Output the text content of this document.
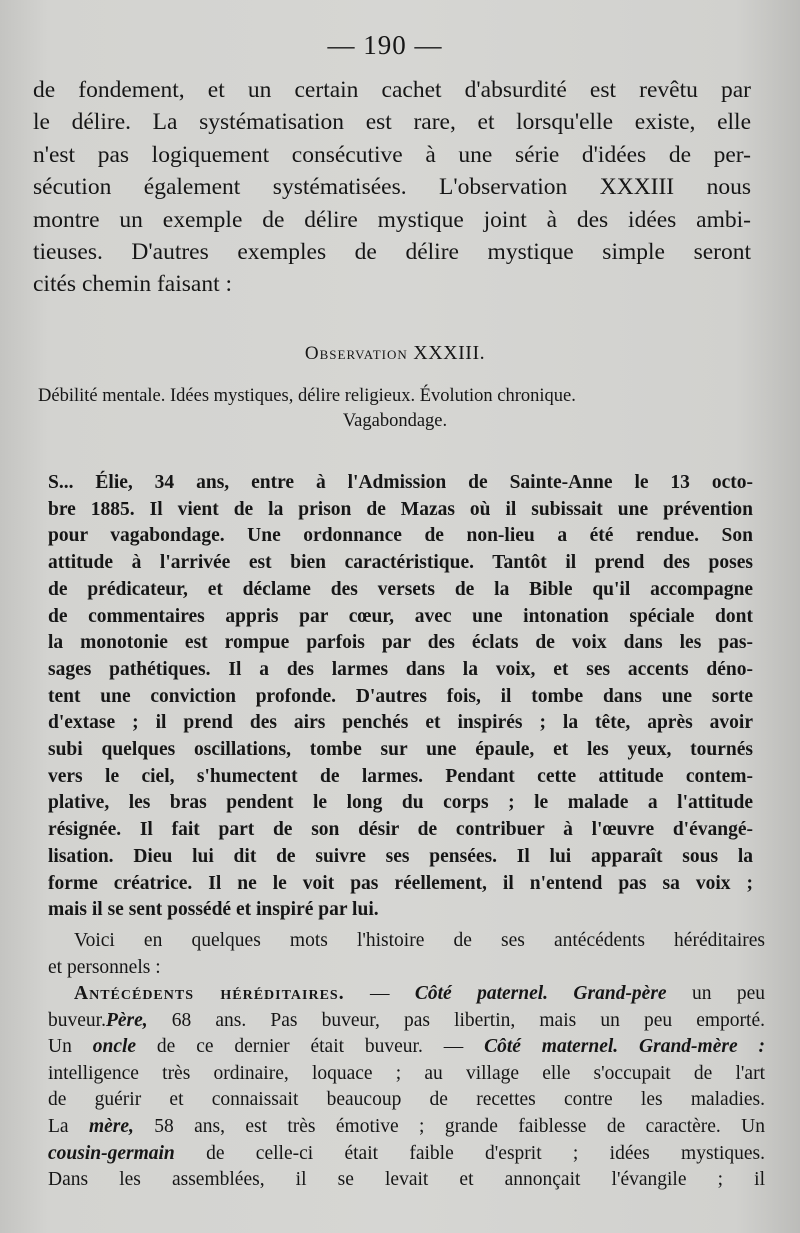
— 190 —
de fondement, et un certain cachet d'absurdité est revêtu par
le délire. La systématisation est rare, et lorsqu'elle existe, elle
n'est pas logiquement consécutive à une série d'idées de per-
sécution également systématisées. L'observation XXXIII nous
montre un exemple de délire mystique joint à des idées ambi-
tieuses. D'autres exemples de délire mystique simple seront
cités chemin faisant :
Observation XXXIII.
Débilité mentale. Idées mystiques, délire religieux. Évolution chronique.
Vagabondage.
S... Élie, 34 ans, entre à l'Admission de Sainte-Anne le 13 octo-
bre 1885. Il vient de la prison de Mazas où il subissait une prévention
pour vagabondage. Une ordonnance de non-lieu a été rendue. Son
attitude à l'arrivée est bien caractéristique. Tantôt il prend des poses
de prédicateur, et déclame des versets de la Bible qu'il accompagne
de commentaires appris par cœur, avec une intonation spéciale dont
la monotonie est rompue parfois par des éclats de voix dans les pas-
sages pathétiques. Il a des larmes dans la voix, et ses accents déno-
tent une conviction profonde. D'autres fois, il tombe dans une sorte
d'extase ; il prend des airs penchés et inspirés ; la tête, après avoir
subi quelques oscillations, tombe sur une épaule, et les yeux, tournés
vers le ciel, s'humectent de larmes. Pendant cette attitude contem-
plative, les bras pendent le long du corps ; le malade a l'attitude
résignée. Il fait part de son désir de contribuer à l'œuvre d'évangé-
lisation. Dieu lui dit de suivre ses pensées. Il lui apparaît sous la
forme créatrice. Il ne le voit pas réellement, il n'entend pas sa voix ;
mais il se sent possédé et inspiré par lui.
Voici en quelques mots l'histoire de ses antécédents héréditaires
et personnels :
Antécédents héréditaires. — Côté paternel. Grand-père un peu
buveur.Père, 68 ans. Pas buveur, pas libertin, mais un peu emporté.
Un oncle de ce dernier était buveur. — Côté maternel. Grand-mère :
intelligence très ordinaire, loquace ; au village elle s'occupait de l'art
de guérir et connaissait beaucoup de recettes contre les maladies.
La mère, 58 ans, est très émotive ; grande faiblesse de caractère. Un
cousin-germain de celle-ci était faible d'esprit ; idées mystiques.
Dans les assemblées, il se levait et annonçait l'évangile ; il
